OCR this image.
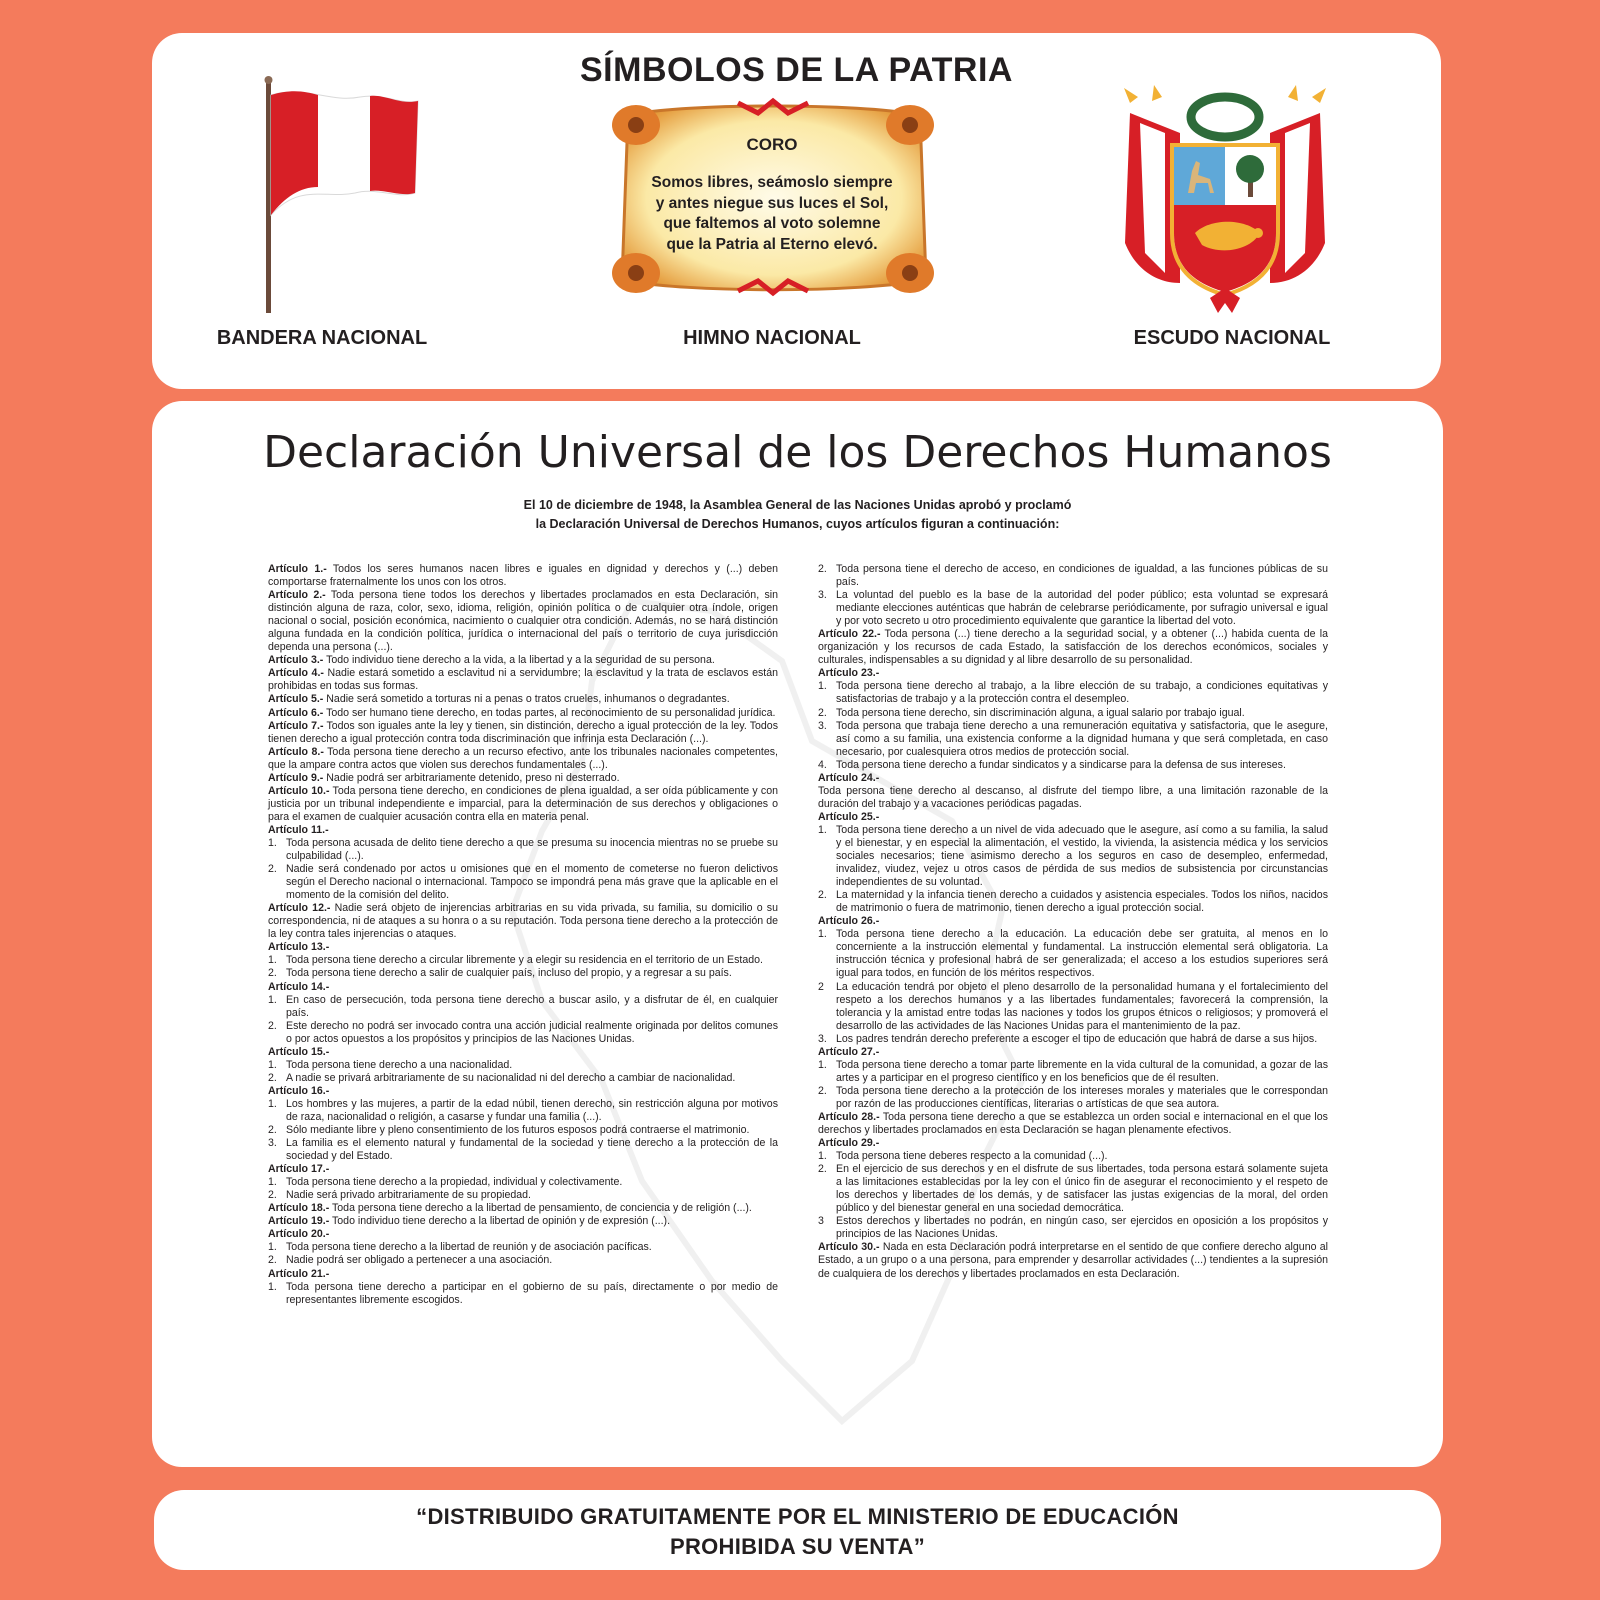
SÍMBOLOS DE LA PATRIA
CORO
Somos libres, seámoslo siempre
y antes niegue sus luces el Sol,
que faltemos al voto solemne
que la Patria al Eterno elevó.
BANDERA NACIONAL	HIMNO NACIONAL	ESCUDO NACIONAL
Declaración Universal de los Derechos Humanos
El 10 de diciembre de 1948, la Asamblea General de las Naciones Unidas aprobó y proclamó
la Declaración Universal de Derechos Humanos, cuyos artículos figuran a continuación:
Artículo 1.- Todos los seres humanos nacen libres e iguales en dignidad y derechos y (...) deben comportarse fraternalmente los unos con los otros.
Artículo 2.- Toda persona tiene todos los derechos y libertades proclamados en esta Declaración, sin distinción alguna de raza, color, sexo, idioma, religión, opinión política o de cualquier otra índole, origen nacional o social, posición económica, nacimiento o cualquier otra condición. Además, no se hará distinción alguna fundada en la condición política, jurídica o internacional del país o territorio de cuya jurisdicción dependa una persona (...).
Artículo 3.- Todo individuo tiene derecho a la vida, a la libertad y a la seguridad de su persona.
Artículo 4.- Nadie estará sometido a esclavitud ni a servidumbre; la esclavitud y la trata de esclavos están prohibidas en todas sus formas.
Artículo 5.- Nadie será sometido a torturas ni a penas o tratos crueles, inhumanos o degradantes.
Artículo 6.- Todo ser humano tiene derecho, en todas partes, al reconocimiento de su personalidad jurídica.
Artículo 7.- Todos son iguales ante la ley y tienen, sin distinción, derecho a igual protección de la ley. Todos tienen derecho a igual protección contra toda discriminación que infrinja esta Declaración (...).
Artículo 8.- Toda persona tiene derecho a un recurso efectivo, ante los tribunales nacionales competentes, que la ampare contra actos que violen sus derechos fundamentales (...).
Artículo 9.- Nadie podrá ser arbitrariamente detenido, preso ni desterrado.
Artículo 10.- Toda persona tiene derecho, en condiciones de plena igualdad, a ser oída públicamente y con justicia por un tribunal independiente e imparcial, para la determinación de sus derechos y obligaciones o para el examen de cualquier acusación contra ella en materia penal.
Artículo 11.-
1. Toda persona acusada de delito tiene derecho a que se presuma su inocencia mientras no se pruebe su culpabilidad (...).
2. Nadie será condenado por actos u omisiones que en el momento de cometerse no fueron delictivos según el Derecho nacional o internacional. Tampoco se impondrá pena más grave que la aplicable en el momento de la comisión del delito.
Artículo 12.- Nadie será objeto de injerencias arbitrarias en su vida privada, su familia, su domicilio o su correspondencia, ni de ataques a su honra o a su reputación. Toda persona tiene derecho a la protección de la ley contra tales injerencias o ataques.
Artículo 13.-
1. Toda persona tiene derecho a circular libremente y a elegir su residencia en el territorio de un Estado.
2. Toda persona tiene derecho a salir de cualquier país, incluso del propio, y a regresar a su país.
Artículo 14.-
1. En caso de persecución, toda persona tiene derecho a buscar asilo, y a disfrutar de él, en cualquier país.
2. Este derecho no podrá ser invocado contra una acción judicial realmente originada por delitos comunes o por actos opuestos a los propósitos y principios de las Naciones Unidas.
Artículo 15.-
1. Toda persona tiene derecho a una nacionalidad.
2. A nadie se privará arbitrariamente de su nacionalidad ni del derecho a cambiar de nacionalidad.
Artículo 16.-
1. Los hombres y las mujeres, a partir de la edad núbil, tienen derecho, sin restricción alguna por motivos de raza, nacionalidad o religión, a casarse y fundar una familia (...).
2. Sólo mediante libre y pleno consentimiento de los futuros esposos podrá contraerse el matrimonio.
3. La familia es el elemento natural y fundamental de la sociedad y tiene derecho a la protección de la sociedad y del Estado.
Artículo 17.-
1. Toda persona tiene derecho a la propiedad, individual y colectivamente.
2. Nadie será privado arbitrariamente de su propiedad.
Artículo 18.- Toda persona tiene derecho a la libertad de pensamiento, de conciencia y de religión (...).
Artículo 19.- Todo individuo tiene derecho a la libertad de opinión y de expresión (...).
Artículo 20.-
1. Toda persona tiene derecho a la libertad de reunión y de asociación pacíficas.
2. Nadie podrá ser obligado a pertenecer a una asociación.
Artículo 21.-
1. Toda persona tiene derecho a participar en el gobierno de su país, directamente o por medio de representantes libremente escogidos.
2. Toda persona tiene el derecho de acceso, en condiciones de igualdad, a las funciones públicas de su país.
3. La voluntad del pueblo es la base de la autoridad del poder público; esta voluntad se expresará mediante elecciones auténticas que habrán de celebrarse periódicamente, por sufragio universal e igual y por voto secreto u otro procedimiento equivalente que garantice la libertad del voto.
Artículo 22.- Toda persona (...) tiene derecho a la seguridad social, y a obtener (...) habida cuenta de la organización y los recursos de cada Estado, la satisfacción de los derechos económicos, sociales y culturales, indispensables a su dignidad y al libre desarrollo de su personalidad.
Artículo 23.-
1. Toda persona tiene derecho al trabajo, a la libre elección de su trabajo, a condiciones equitativas y satisfactorias de trabajo y a la protección contra el desempleo.
2. Toda persona tiene derecho, sin discriminación alguna, a igual salario por trabajo igual.
3. Toda persona que trabaja tiene derecho a una remuneración equitativa y satisfactoria, que le asegure, así como a su familia, una existencia conforme a la dignidad humana y que será completada, en caso necesario, por cualesquiera otros medios de protección social.
4. Toda persona tiene derecho a fundar sindicatos y a sindicarse para la defensa de sus intereses.
Artículo 24.-
Toda persona tiene derecho al descanso, al disfrute del tiempo libre, a una limitación razonable de la duración del trabajo y a vacaciones periódicas pagadas.
Artículo 25.-
1. Toda persona tiene derecho a un nivel de vida adecuado que le asegure, así como a su familia, la salud y el bienestar, y en especial la alimentación, el vestido, la vivienda, la asistencia médica y los servicios sociales necesarios; tiene asimismo derecho a los seguros en caso de desempleo, enfermedad, invalidez, viudez, vejez u otros casos de pérdida de sus medios de subsistencia por circunstancias independientes de su voluntad.
2. La maternidad y la infancia tienen derecho a cuidados y asistencia especiales. Todos los niños, nacidos de matrimonio o fuera de matrimonio, tienen derecho a igual protección social.
Artículo 26.-
1. Toda persona tiene derecho a la educación. La educación debe ser gratuita, al menos en lo concerniente a la instrucción elemental y fundamental. La instrucción elemental será obligatoria. La instrucción técnica y profesional habrá de ser generalizada; el acceso a los estudios superiores será igual para todos, en función de los méritos respectivos.
2 La educación tendrá por objeto el pleno desarrollo de la personalidad humana y el fortalecimiento del respeto a los derechos humanos y a las libertades fundamentales; favorecerá la comprensión, la tolerancia y la amistad entre todas las naciones y todos los grupos étnicos o religiosos; y promoverá el desarrollo de las actividades de las Naciones Unidas para el mantenimiento de la paz.
3. Los padres tendrán derecho preferente a escoger el tipo de educación que habrá de darse a sus hijos.
Artículo 27.-
1. Toda persona tiene derecho a tomar parte libremente en la vida cultural de la comunidad, a gozar de las artes y a participar en el progreso científico y en los beneficios que de él resulten.
2. Toda persona tiene derecho a la protección de los intereses morales y materiales que le correspondan por razón de las producciones científicas, literarias o artísticas de que sea autora.
Artículo 28.- Toda persona tiene derecho a que se establezca un orden social e internacional en el que los derechos y libertades proclamados en esta Declaración se hagan plenamente efectivos.
Artículo 29.-
1. Toda persona tiene deberes respecto a la comunidad (...).
2. En el ejercicio de sus derechos y en el disfrute de sus libertades, toda persona estará solamente sujeta a las limitaciones establecidas por la ley con el único fin de asegurar el reconocimiento y el respeto de los derechos y libertades de los demás, y de satisfacer las justas exigencias de la moral, del orden público y del bienestar general en una sociedad democrática.
3 Estos derechos y libertades no podrán, en ningún caso, ser ejercidos en oposición a los propósitos y principios de las Naciones Unidas.
Artículo 30.- Nada en esta Declaración podrá interpretarse en el sentido de que confiere derecho alguno al Estado, a un grupo o a una persona, para emprender y desarrollar actividades (...) tendientes a la supresión de cualquiera de los derechos y libertades proclamados en esta Declaración.
“DISTRIBUIDO GRATUITAMENTE POR EL MINISTERIO DE EDUCACIÓN
PROHIBIDA SU VENTA”
